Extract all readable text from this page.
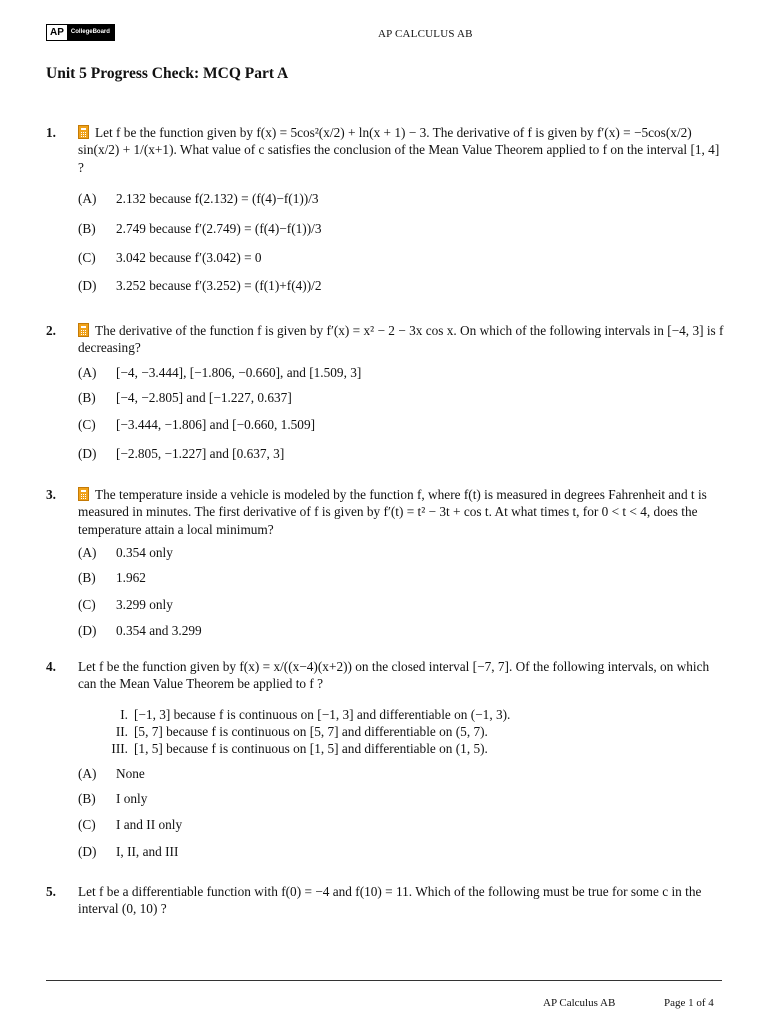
AP	CollegeBoard	AP CALCULUS AB
Unit 5 Progress Check: MCQ Part A
1.	Let f be the function given by f(x) = 5cos²(x/2) + ln(x + 1) − 3. The derivative of f is given by f′(x) = −5cos(x/2) sin(x/2) + 1/(x+1). What value of c satisfies the conclusion of the Mean Value Theorem applied to f on the interval [1, 4] ?

(A)	2.132 because f(2.132) = (f(4)−f(1))/3
(B)	2.749 because f′(2.749) = (f(4)−f(1))/3
(C)	3.042 because f′(3.042) = 0
(D)	3.252 because f′(3.252) = (f(1)+f(4))/2
2.	The derivative of the function f is given by f′(x) = x² − 2 − 3x cos x. On which of the following intervals in [−4, 3] is f decreasing?

(A)	[−4, −3.444], [−1.806, −0.660], and [1.509, 3]
(B)	[−4, −2.805] and [−1.227, 0.637]
(C)	[−3.444, −1.806] and [−0.660, 1.509]
(D)	[−2.805, −1.227] and [0.637, 3]
3.	The temperature inside a vehicle is modeled by the function f, where f(t) is measured in degrees Fahrenheit and t is measured in minutes. The first derivative of f is given by f′(t) = t² − 3t + cos t. At what times t, for 0 < t < 4, does the temperature attain a local minimum?

(A)	0.354 only
(B)	1.962
(C)	3.299 only
(D)	0.354 and 3.299
4. Let f be the function given by f(x) = x/((x−4)(x+2)) on the closed interval [−7, 7]. Of the following intervals, on which can the Mean Value Theorem be applied to f ?

I. [−1, 3] because f is continuous on [−1, 3] and differentiable on (−1, 3).
II. [5, 7] because f is continuous on [5, 7] and differentiable on (5, 7).
III. [1, 5] because f is continuous on [1, 5] and differentiable on (1, 5).
(A)	None
(B)	I only
(C)	I and II only
(D)	I, II, and III
5. Let f be a differentiable function with f(0) = −4 and f(10) = 11. Which of the following must be true for some c in the interval (0, 10) ?

AP Calculus AB	Page 1 of 4
